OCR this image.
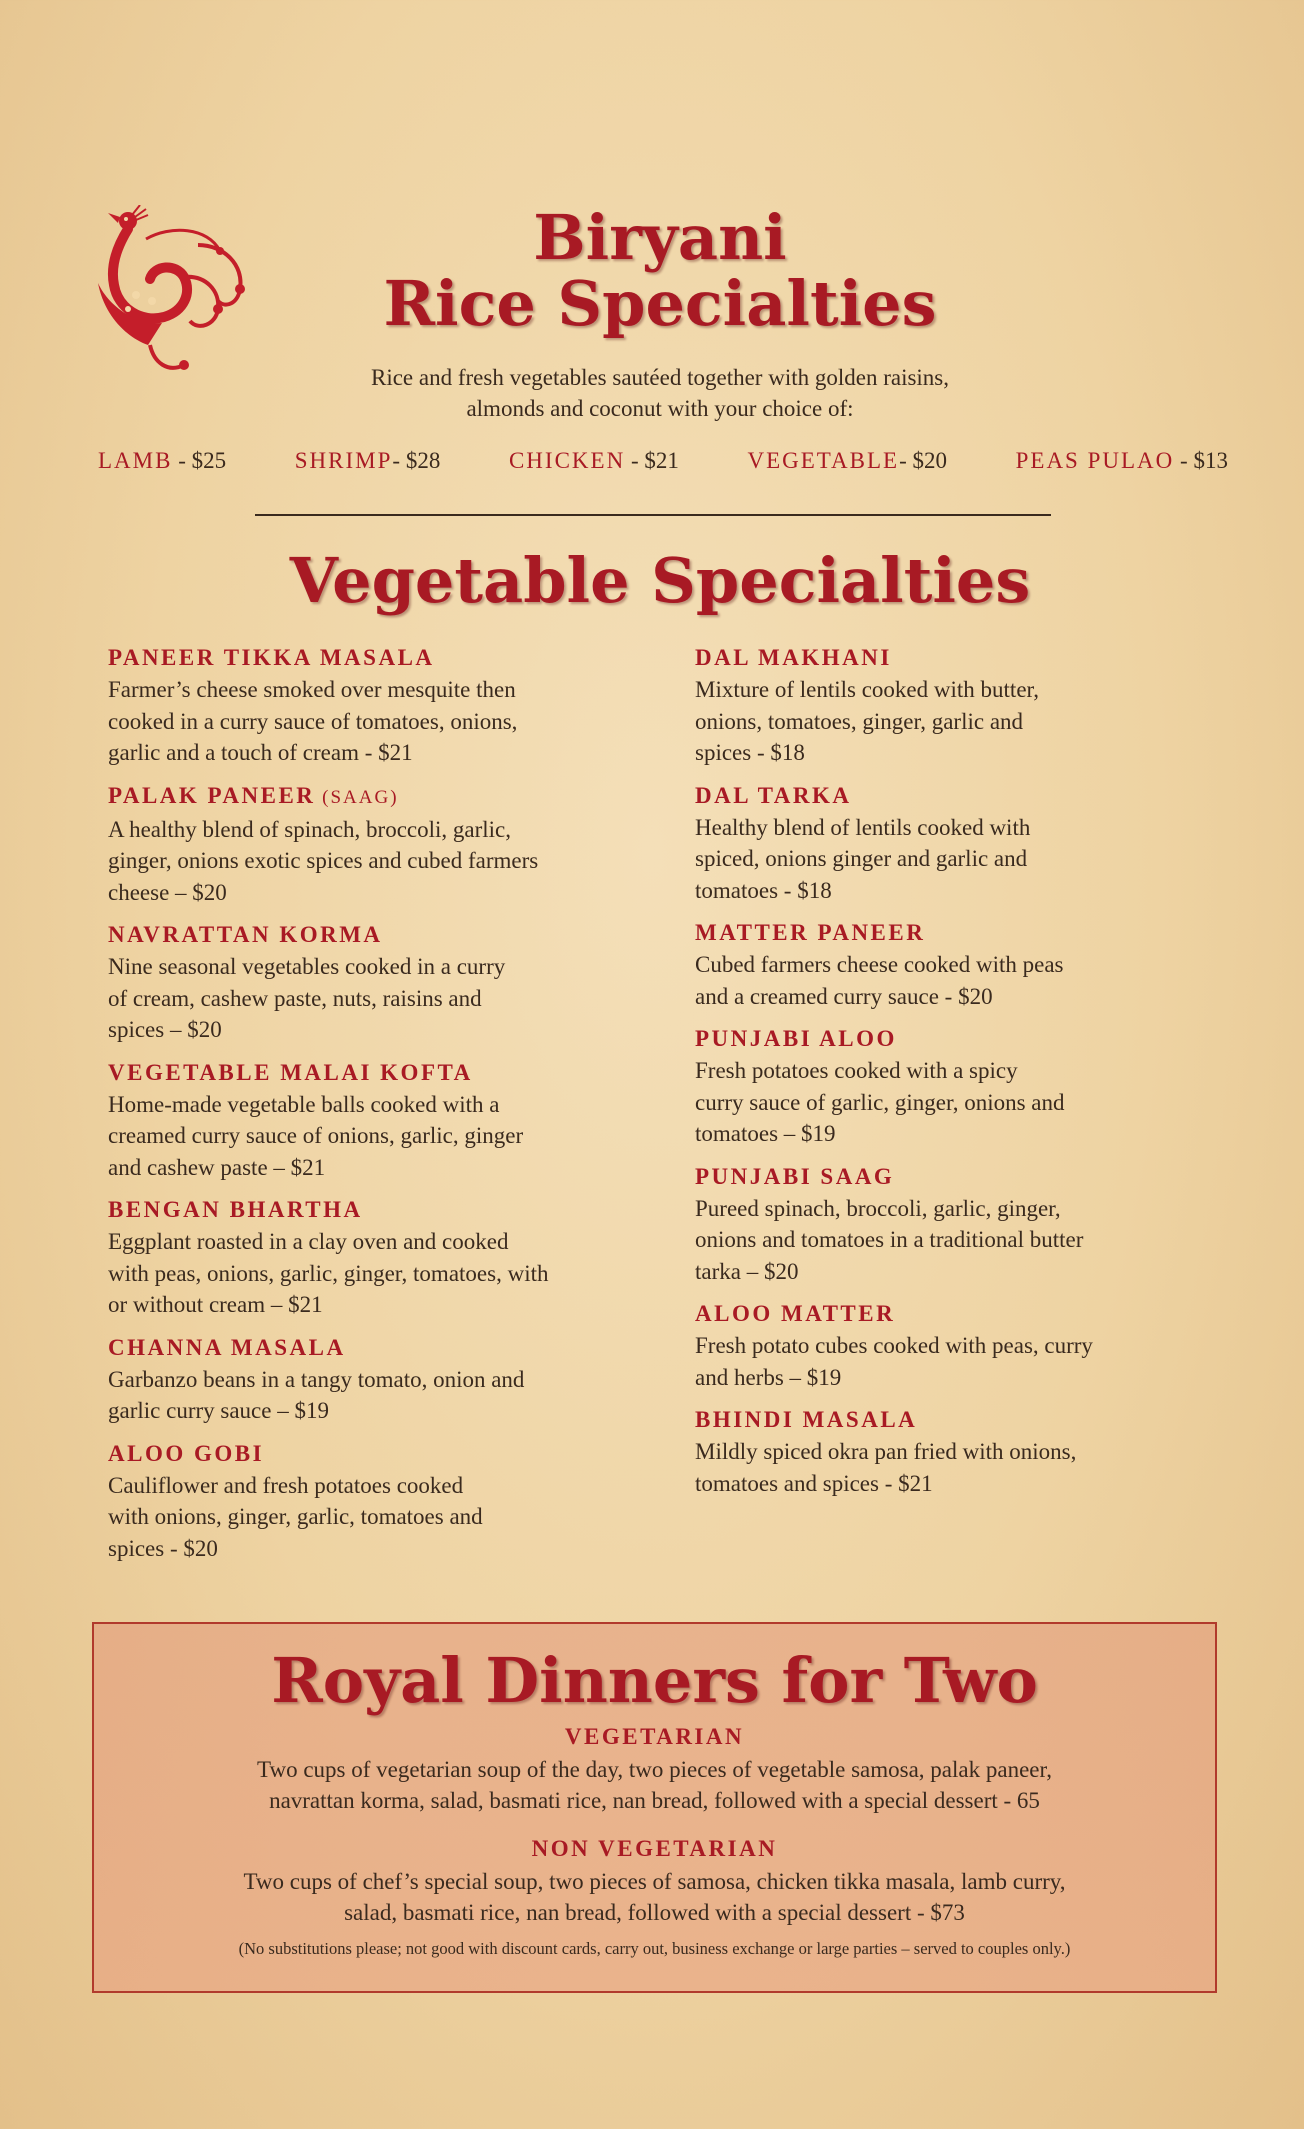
Biryani
Rice Specialties
Rice and fresh vegetables sautéed together with golden raisins,
almonds and coconut with your choice of:
LAMB - $25	SHRIMP- $28	CHICKEN - $21	VEGETABLE- $20	PEAS PULAO - $13
Vegetable Specialties
PANEER TIKKA MASALA
Farmer’s cheese smoked over mesquite then
cooked in a curry sauce of tomatoes, onions,
garlic and a touch of cream - $21
PALAK PANEER (SAAG)
A healthy blend of spinach, broccoli, garlic,
ginger, onions exotic spices and cubed farmers
cheese – $20
NAVRATTAN KORMA
Nine seasonal vegetables cooked in a curry
of cream, cashew paste, nuts, raisins and
spices – $20
VEGETABLE MALAI KOFTA
Home-made vegetable balls cooked with a
creamed curry sauce of onions, garlic, ginger
and cashew paste – $21
BENGAN BHARTHA
Eggplant roasted in a clay oven and cooked
with peas, onions, garlic, ginger, tomatoes, with
or without cream – $21
CHANNA MASALA
Garbanzo beans in a tangy tomato, onion and
garlic curry sauce – $19
ALOO GOBI
Cauliflower and fresh potatoes cooked
with onions, ginger, garlic, tomatoes and
spices - $20
DAL MAKHANI
Mixture of lentils cooked with butter,
onions, tomatoes, ginger, garlic and
spices - $18
DAL TARKA
Healthy blend of lentils cooked with
spiced, onions ginger and garlic and
tomatoes - $18
MATTER PANEER
Cubed farmers cheese cooked with peas
and a creamed curry sauce - $20
PUNJABI ALOO
Fresh potatoes cooked with a spicy
curry sauce of garlic, ginger, onions and
tomatoes – $19
PUNJABI SAAG
Pureed spinach, broccoli, garlic, ginger,
onions and tomatoes in a traditional butter
tarka – $20
ALOO MATTER
Fresh potato cubes cooked with peas, curry
and herbs – $19
BHINDI MASALA
Mildly spiced okra pan fried with onions,
tomatoes and spices - $21
Royal Dinners for Two
VEGETARIAN
Two cups of vegetarian soup of the day, two pieces of vegetable samosa, palak paneer,
navrattan korma, salad, basmati rice, nan bread, followed with a special dessert - 65
NON VEGETARIAN
Two cups of chef’s special soup, two pieces of samosa, chicken tikka masala, lamb curry,
salad, basmati rice, nan bread, followed with a special dessert - $73
(No substitutions please; not good with discount cards, carry out, business exchange or large parties – served to couples only.)
